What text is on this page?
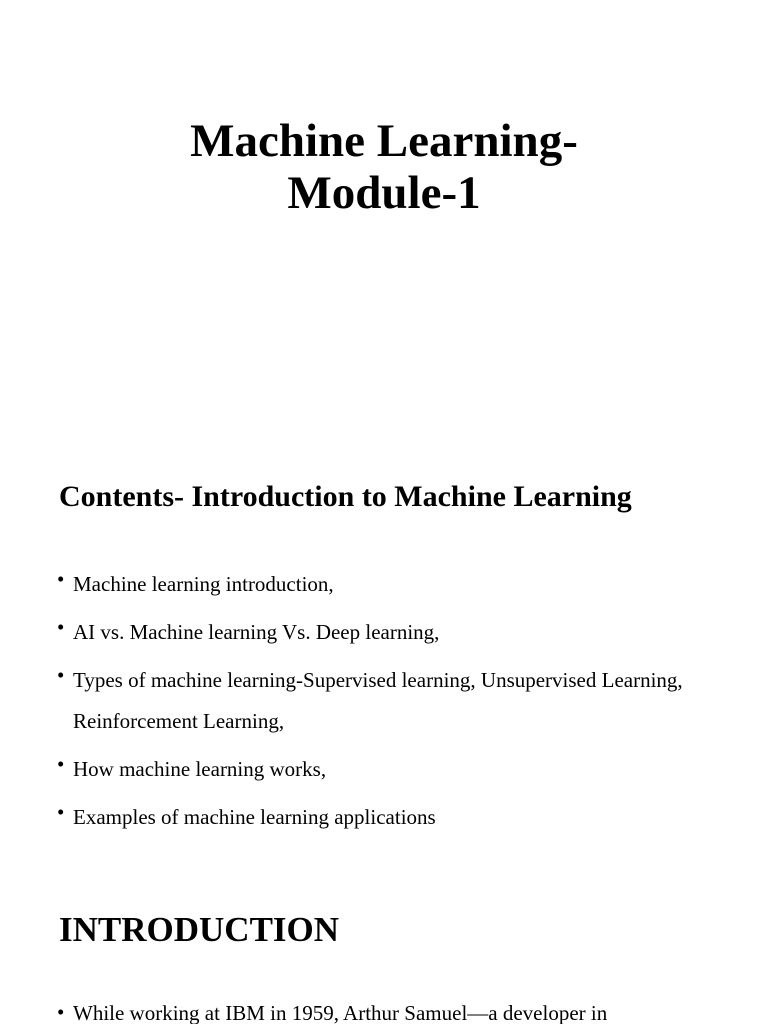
Machine Learning-
Module-1
Contents- Introduction to Machine Learning
• Machine learning introduction,
• AI vs. Machine learning Vs. Deep learning,
• Types of machine learning-Supervised learning, Unsupervised Learning, Reinforcement Learning,
• How machine learning works,
• Examples of machine learning applications
INTRODUCTION
• While working at IBM in 1959, Arthur Samuel—a developer in
